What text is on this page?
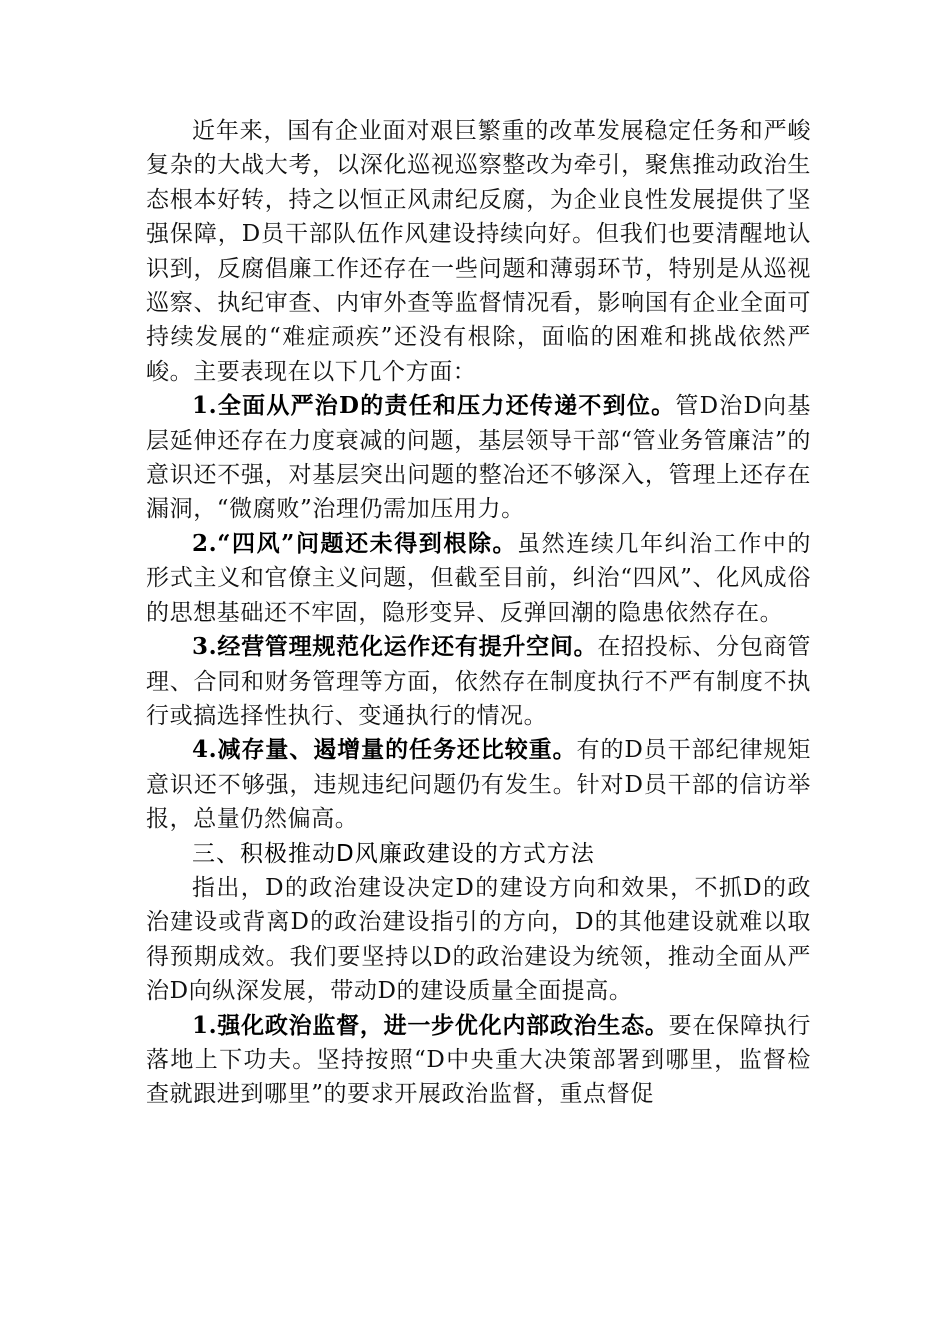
近年来，国有企业面对艰巨繁重的改革发展稳定任务和严峻复杂的大战大考，以深化巡视巡察整改为牵引，聚焦推动政治生态根本好转，持之以恒正风肃纪反腐，为企业良性发展提供了坚强保障，D员干部队伍作风建设持续向好。但我们也要清醒地认识到，反腐倡廉工作还存在一些问题和薄弱环节，特别是从巡视巡察、执纪审查、内审外查等监督情况看，影响国有企业全面可持续发展的“难症顽疾”还没有根除，面临的困难和挑战依然严峻。主要表现在以下几个方面：

1.全面从严治D的责任和压力还传递不到位。管D治D向基层延伸还存在力度衰减的问题，基层领导干部“管业务管廉洁”的意识还不强，对基层突出问题的整冶还不够深入，管理上还存在漏洞，“微腐败”治理仍需加压用力。

2.“四风”问题还未得到根除。虽然连续几年纠治工作中的形式主义和官僚主义问题，但截至目前，纠治“四风”、化风成俗的思想基础还不牢固，隐形变异、反弹回潮的隐患依然存在。

3.经营管理规范化运作还有提升空间。在招投标、分包商管理、合同和财务管理等方面，依然存在制度执行不严有制度不执行或搞选择性执行、变通执行的情况。

4.减存量、遏增量的任务还比较重。有的D员干部纪律规矩意识还不够强，违规违纪问题仍有发生。针对D员干部的信访举报，总量仍然偏高。

三、积极推动D风廉政建设的方式方法

指出，D的政治建设决定D的建设方向和效果，不抓D的政治建设或背离D的政治建设指引的方向，D的其他建设就难以取得预期成效。我们要坚持以D的政治建设为统领，推动全面从严治D向纵深发展，带动D的建设质量全面提高。

1.强化政治监督，进一步优化内部政治生态。要在保障执行落地上下功夫。坚持按照“D中央重大决策部署到哪里，监督检查就跟进到哪里”的要求开展政治监督，重点督促
